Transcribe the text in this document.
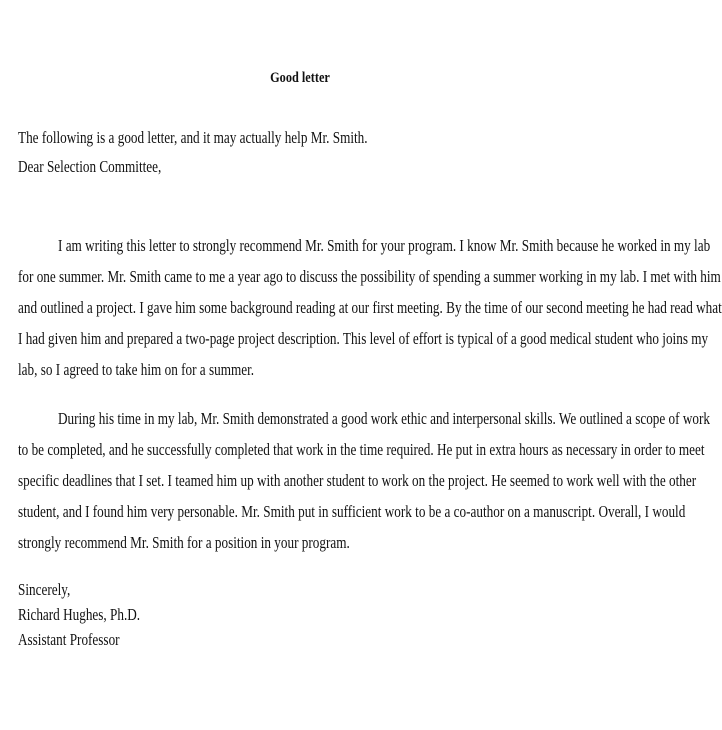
Good letter
The following is a good letter, and it may actually help Mr. Smith.
Dear Selection Committee,
I am writing this letter to strongly recommend Mr. Smith for your program. I know Mr. Smith because he worked in my lab
for one summer. Mr. Smith came to me a year ago to discuss the possibility of spending a summer working in my lab. I met with him
and outlined a project. I gave him some background reading at our first meeting. By the time of our second meeting he had read what
I had given him and prepared a two-page project description. This level of effort is typical of a good medical student who joins my
lab, so I agreed to take him on for a summer.
During his time in my lab, Mr. Smith demonstrated a good work ethic and interpersonal skills. We outlined a scope of work
to be completed, and he successfully completed that work in the time required. He put in extra hours as necessary in order to meet
specific deadlines that I set. I teamed him up with another student to work on the project. He seemed to work well with the other
student, and I found him very personable. Mr. Smith put in sufficient work to be a co-author on a manuscript. Overall, I would
strongly recommend Mr. Smith for a position in your program.
Sincerely,
Richard Hughes, Ph.D.
Assistant Professor
